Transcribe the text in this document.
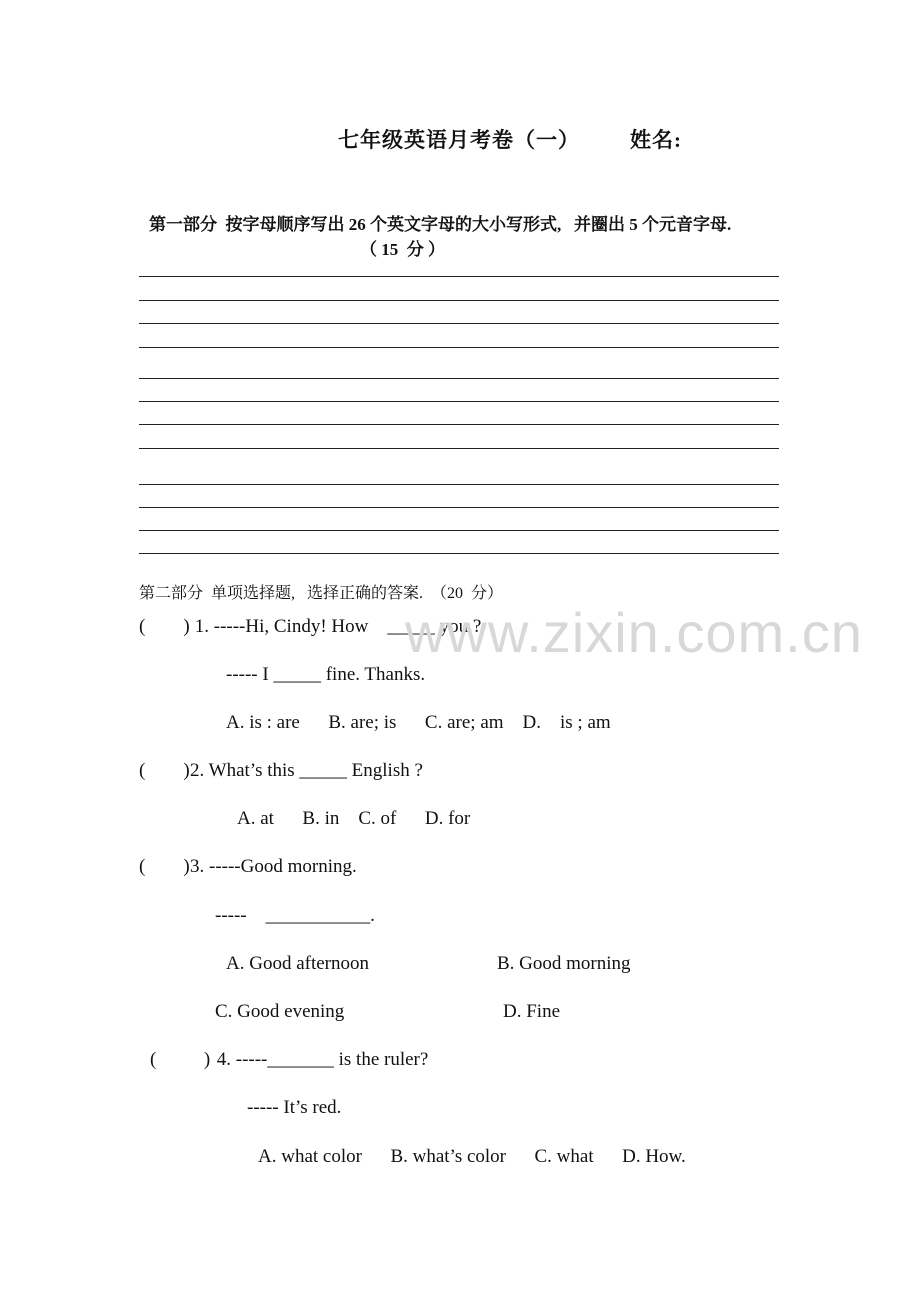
七年级英语月考卷（一） 姓名:
第一部分  按字母顺序写出 26 个英文字母的大小写形式,   并圈出 5 个元音字母.
（ 15  分 ）
第二部分  单项选择题,   选择正确的答案.  （20  分）
(        ) 1. -----Hi, Cindy! How    _____ you ?
----- I _____ fine. Thanks.
A. is : are      B. are; is      C. are; am    D.    is ; am
(        ) 2. What’s this _____ English ?
A. at      B. in    C. of      D. for
(        ) 3. -----Good morning.
-----    ___________.
A. Good afternoon	B. Good morning
C. Good evening	D. Fine
(          ) 4. -----_______ is the ruler?
----- It’s red.
A. what color      B. what’s color      C. what      D. How.
www.zixin.com.cn
